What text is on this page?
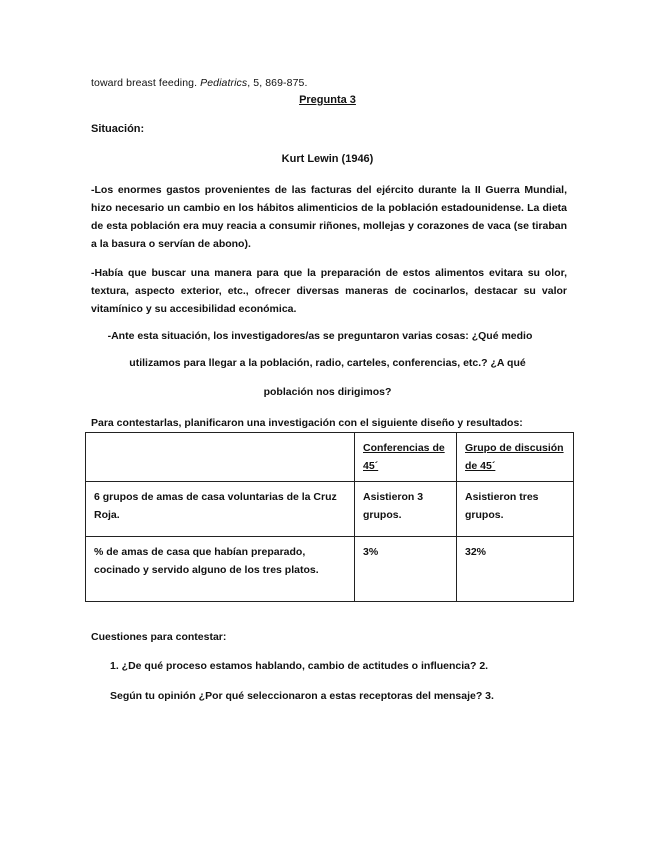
toward breast feeding. Pediatrics, 5, 869-875.
Pregunta 3
Situación:
Kurt Lewin (1946)
-Los enormes gastos provenientes de las facturas del ejército durante la II Guerra Mundial, hizo necesario un cambio en los hábitos alimenticios de la población estadounidense. La dieta de esta población era muy reacia a consumir riñones, mollejas y corazones de vaca (se tiraban a la basura o servían de abono).
-Había que buscar una manera para que la preparación de estos alimentos evitara su olor, textura, aspecto exterior, etc., ofrecer diversas maneras de cocinarlos, destacar su valor vitamínico y su accesibilidad económica.
-Ante esta situación, los investigadores/as se preguntaron varias cosas: ¿Qué medio
utilizamos para llegar a la población, radio, carteles, conferencias, etc.? ¿A qué
población nos dirigimos?
Para contestarlas, planificaron una investigación con el siguiente diseño y resultados:
	Conferencias de 45´	Grupo de discusión de 45´
6 grupos de amas de casa voluntarias de la Cruz Roja.	Asistieron 3 grupos.	Asistieron tres grupos.
% de amas de casa que habían preparado, cocinado y servido alguno de los tres platos.	3%	32%
Cuestiones para contestar:
1. ¿De qué proceso estamos hablando, cambio de actitudes o influencia? 2.
Según tu opinión ¿Por qué seleccionaron a estas receptoras del mensaje? 3.
